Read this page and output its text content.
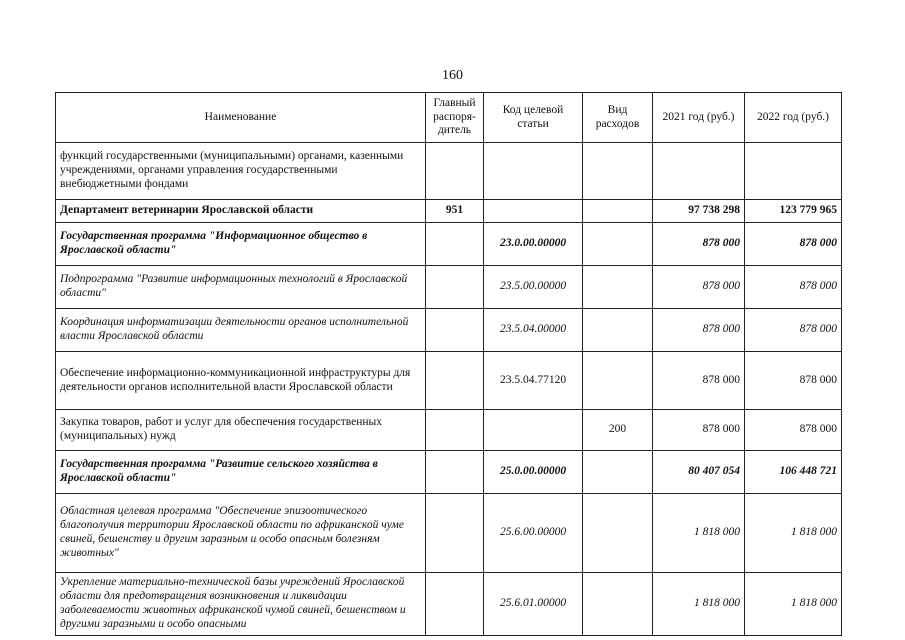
160
Наименование	Главный распоря-дитель	Код целевой статьи	Вид расходов	2021 год (руб.)	2022 год (руб.)
функций государственными (муниципальными) органами, казенными учреждениями, органами управления государственными внебюджетными фондами					
Департамент ветеринарии Ярославской области	951			97 738 298	123 779 965
Государственная программа "Информационное общество в Ярославской области"		23.0.00.00000		878 000	878 000
Подпрограмма "Развитие информационных технологий в Ярославской области"		23.5.00.00000		878 000	878 000
Координация информатизации деятельности органов исполнительной власти Ярославской области		23.5.04.00000		878 000	878 000
Обеспечение информационно-коммуникационной инфраструктуры для деятельности органов исполнительной власти Ярославской области		23.5.04.77120		878 000	878 000
Закупка товаров, работ и услуг для обеспечения государственных (муниципальных) нужд			200	878 000	878 000
Государственная программа "Развитие сельского хозяйства в Ярославской области"		25.0.00.00000		80 407 054	106 448 721
Областная целевая программа "Обеспечение эпизоотического благополучия территории Ярославской области по африканской чуме свиней, бешенству и другим заразным и особо опасным болезням животных"		25.6.00.00000		1 818 000	1 818 000
Укрепление материально-технической базы учреждений Ярославской области для предотвращения возникновения и ликвидации заболеваемости животных африканской чумой свиней, бешенством и другими заразными и особо опасными		25.6.01.00000		1 818 000	1 818 000
